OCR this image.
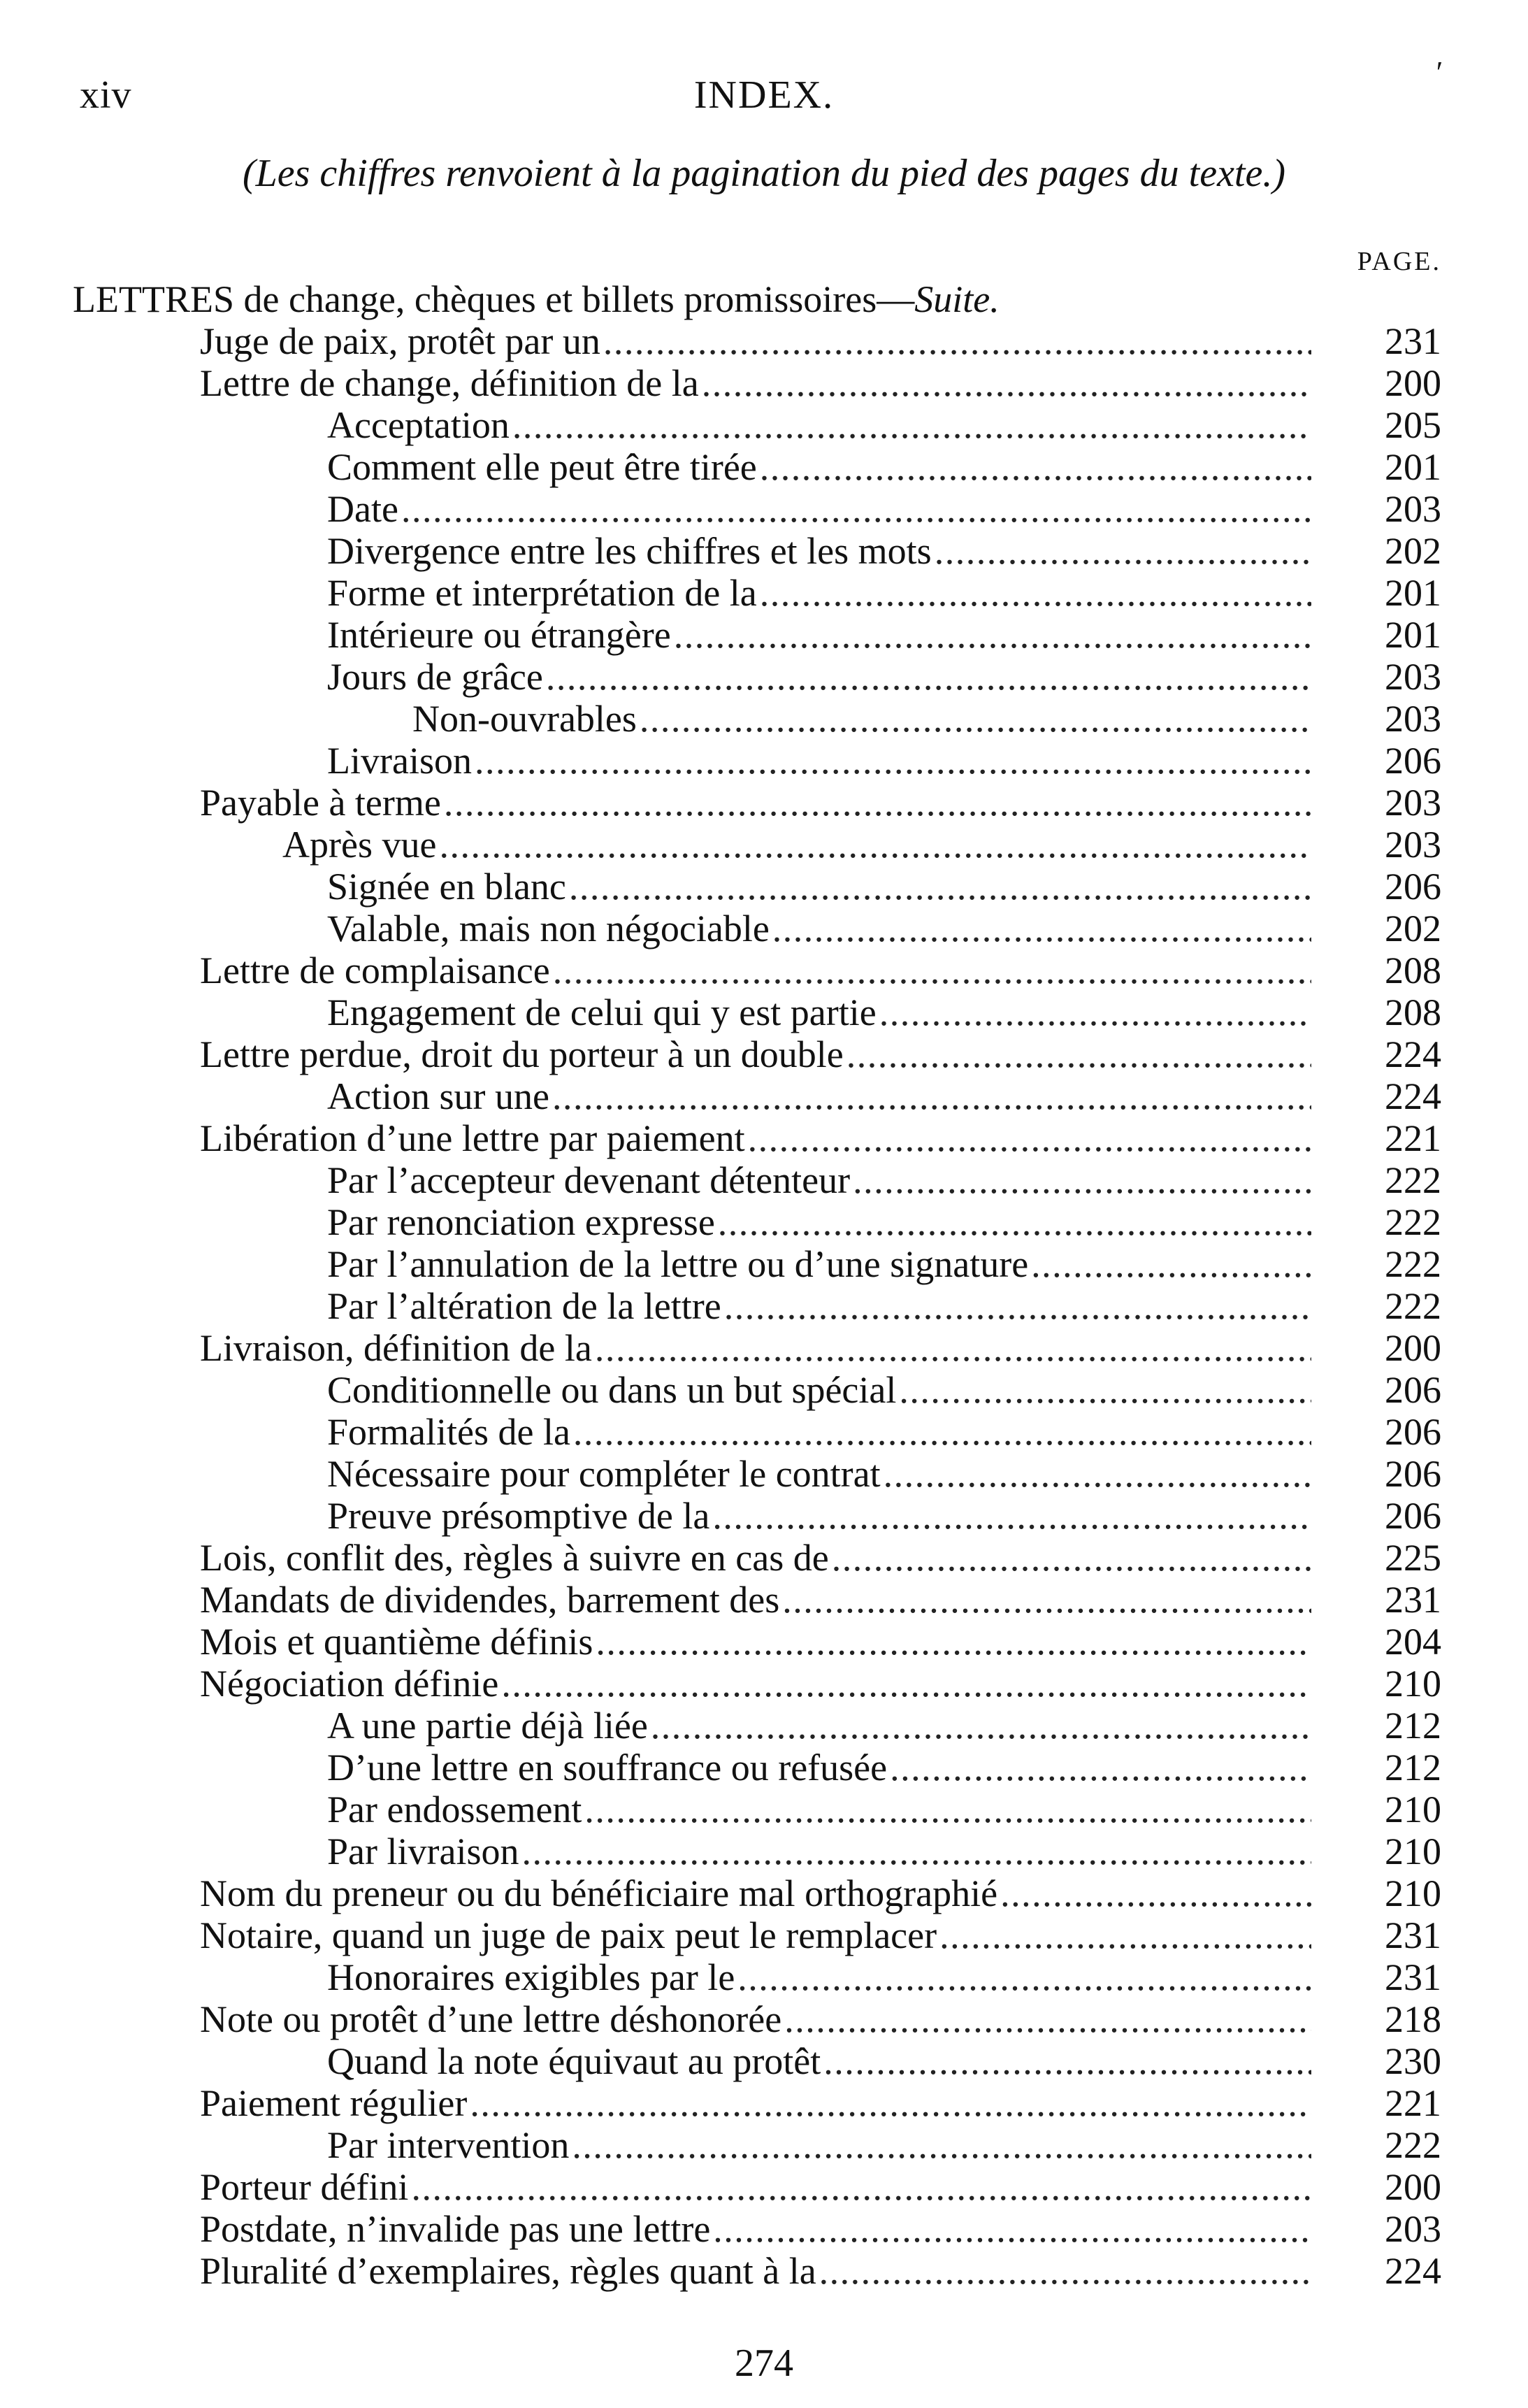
xiv	INDEX.
′
(Les chiffres renvoient à la pagination du pied des pages du texte.)
PAGE.
LETTRES de change, chèques et billets promissoires—Suite.
Juge de paix, protêt par un . . .	231
Lettre de change, définition de la . . .	200
Acceptation . . .	205
Comment elle peut être tirée . . .	201
Date . . .	203
Divergence entre les chiffres et les mots . . .	202
Forme et interprétation de la . . .	201
Intérieure ou étrangère . . .	201
Jours de grâce . . .	203
Non-ouvrables . . .	203
Livraison . . .	206
Payable à terme . . .	203
Après vue . . .	203
Signée en blanc . . .	206
Valable, mais non négociable . . .	202
Lettre de complaisance . . .	208
Engagement de celui qui y est partie . . .	208
Lettre perdue, droit du porteur à un double . . .	224
Action sur une . . .	224
Libération d’une lettre par paiement . . .	221
Par l’accepteur devenant détenteur . . .	222
Par renonciation expresse . . .	222
Par l’annulation de la lettre ou d’une signature . . .	222
Par l’altération de la lettre . . .	222
Livraison, définition de la . . .	200
Conditionnelle ou dans un but spécial . . .	206
Formalités de la . . .	206
Nécessaire pour compléter le contrat . . .	206
Preuve présomptive de la . . .	206
Lois, conflit des, règles à suivre en cas de . . .	225
Mandats de dividendes, barrement des . . .	231
Mois et quantième définis . . .	204
Négociation définie . . .	210
A une partie déjà liée . . .	212
D’une lettre en souffrance ou refusée . . .	212
Par endossement . . .	210
Par livraison . . .	210
Nom du preneur ou du bénéficiaire mal orthographié . . .	210
Notaire, quand un juge de paix peut le remplacer . . .	231
Honoraires exigibles par le . . .	231
Note ou protêt d’une lettre déshonorée . . .	218
Quand la note équivaut au protêt . . .	230
Paiement régulier . . .	221
Par intervention . . .	222
Porteur défini . . .	200
Postdate, n’invalide pas une lettre . . .	203
Pluralité d’exemplaires, règles quant à la . . .	224
274
